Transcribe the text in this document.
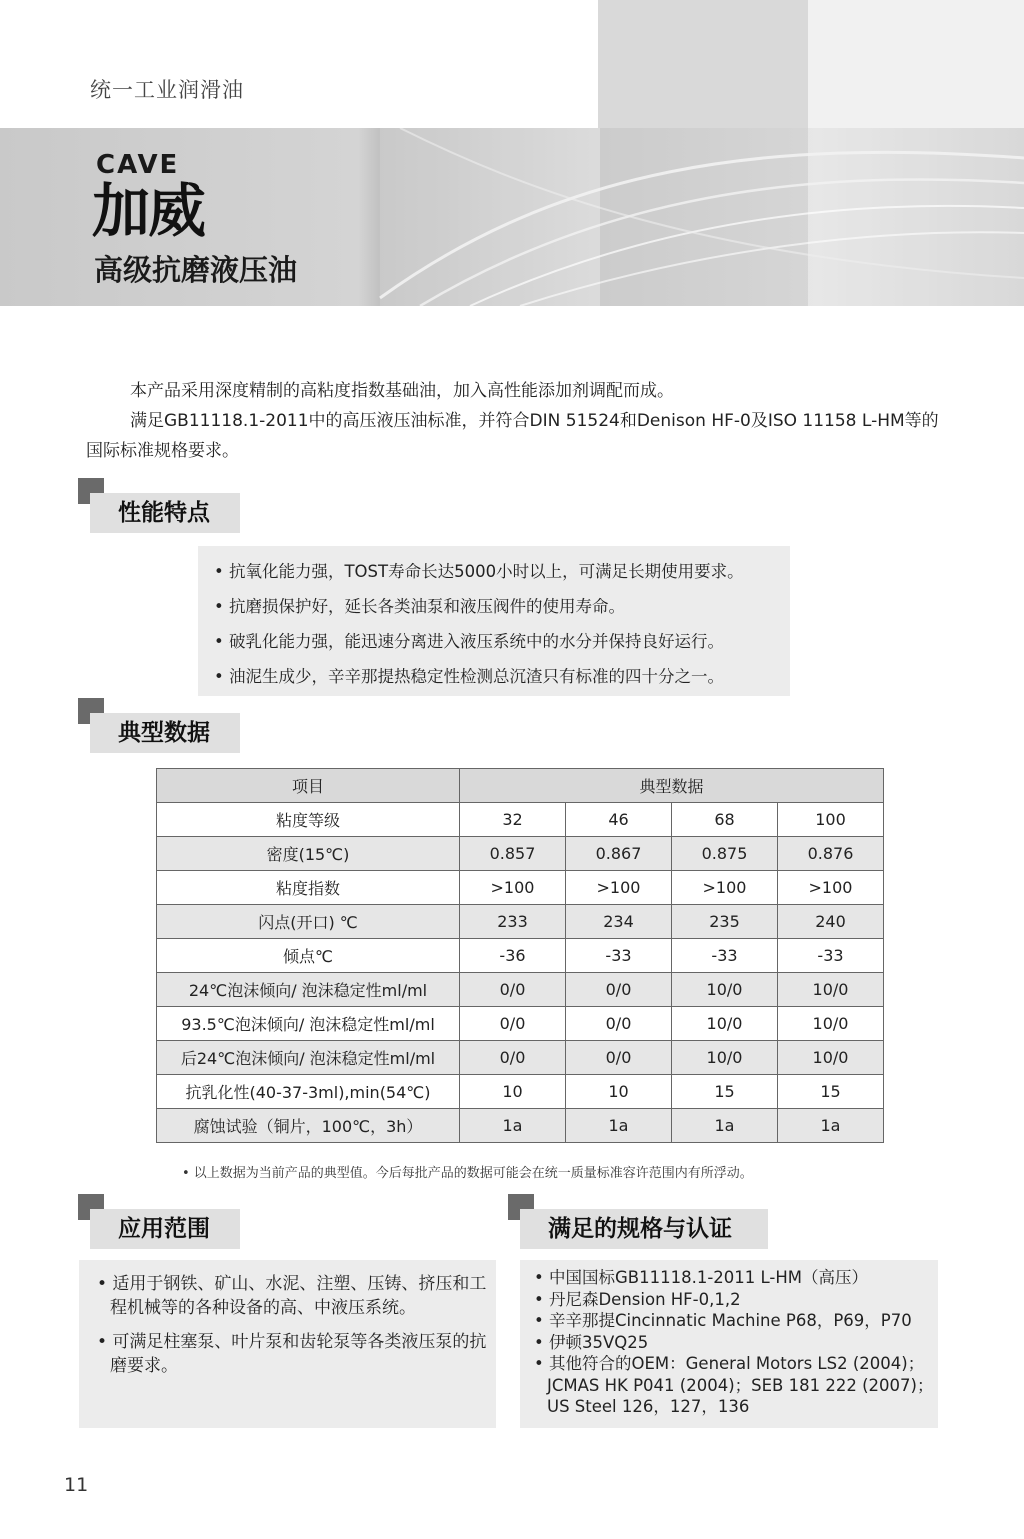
统一工业润滑油
CAVE
加威
高级抗磨液压油

本产品采用深度精制的高粘度指数基础油，加入高性能添加剂调配而成。

满足GB11118.1-2011中的高压液压油标准，并符合DIN 51524和Denison HF-0及ISO 11158 L-HM等的国际标准规格要求。

性能特点
• 抗氧化能力强，TOST寿命长达5000小时以上，可满足长期使用要求。
• 抗磨损保护好，延长各类油泵和液压阀件的使用寿命。
• 破乳化能力强，能迅速分离进入液压系统中的水分并保持良好运行。
• 油泥生成少，辛辛那提热稳定性检测总沉渣只有标准的四十分之一。
典型数据
项目	典型数据			
粘度等级	32	46	68	100
密度(15℃)	0.857	0.867	0.875	0.876
粘度指数	>100	>100	>100	>100
闪点(开口) ℃	233	234	235	240
倾点℃	-36	-33	-33	-33
24℃泡沫倾向/ 泡沫稳定性ml/ml	0/0	0/0	10/0	10/0
93.5℃泡沫倾向/ 泡沫稳定性ml/ml	0/0	0/0	10/0	10/0
后24℃泡沫倾向/ 泡沫稳定性ml/ml	0/0	0/0	10/0	10/0
抗乳化性(40-37-3ml),min(54℃)	10	10	15	15
腐蚀试验（铜片，100℃，3h）	1a	1a	1a	1a
• 以上数据为当前产品的典型值。今后每批产品的数据可能会在统一质量标准容许范围内有所浮动。
应用范围
• 适用于钢铁、矿山、水泥、注塑、压铸、挤压和工程机械等的各种设备的高、中液压系统。
• 可满足柱塞泵、叶片泵和齿轮泵等各类液压泵的抗磨要求。
满足的规格与认证
• 中国国标GB11118.1-2011 L-HM（高压）
• 丹尼森Dension HF-0,1,2
• 辛辛那提Cincinnatic Machine P68，P69，P70
• 伊顿35VQ25
• 其他符合的OEM：General Motors LS2 (2004)；JCMAS HK P041 (2004)；SEB 181 222 (2007)；US Steel 126，127，136
11
